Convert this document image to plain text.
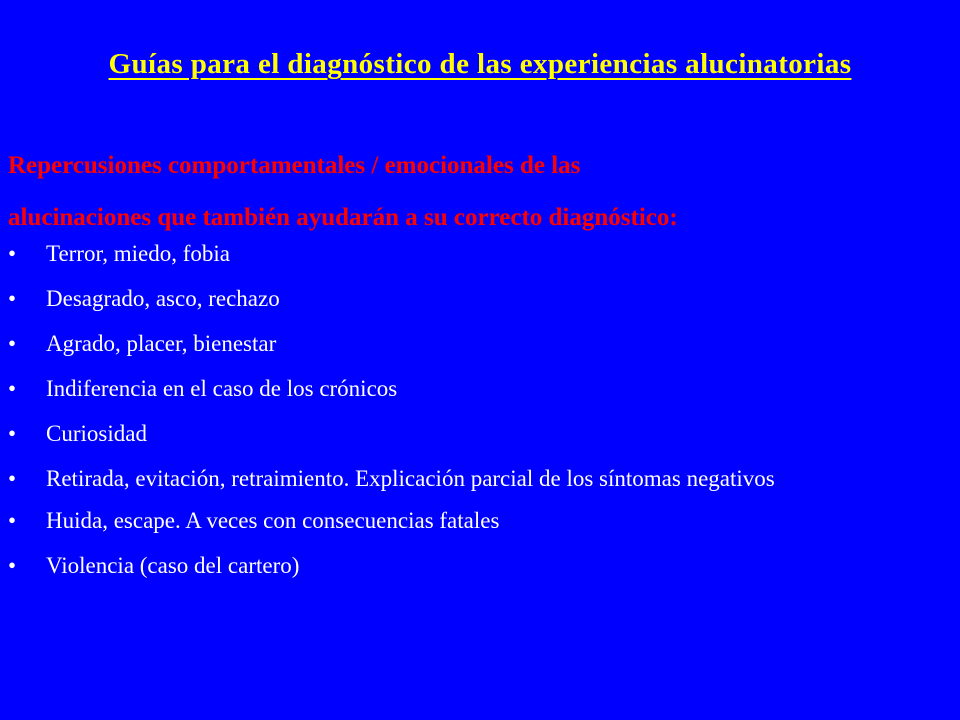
Guías para el diagnóstico de las experiencias alucinatorias
Repercusiones comportamentales / emocionales de las
alucinaciones que también ayudarán a su correcto diagnóstico:
•	Terror, miedo, fobia
•	Desagrado, asco, rechazo
•	Agrado, placer, bienestar
•	Indiferencia en el caso de los crónicos
•	Curiosidad
•	Retirada, evitación, retraimiento. Explicación parcial de los síntomas negativos
•	Huida, escape. A veces con consecuencias fatales
•	Violencia (caso del cartero)
